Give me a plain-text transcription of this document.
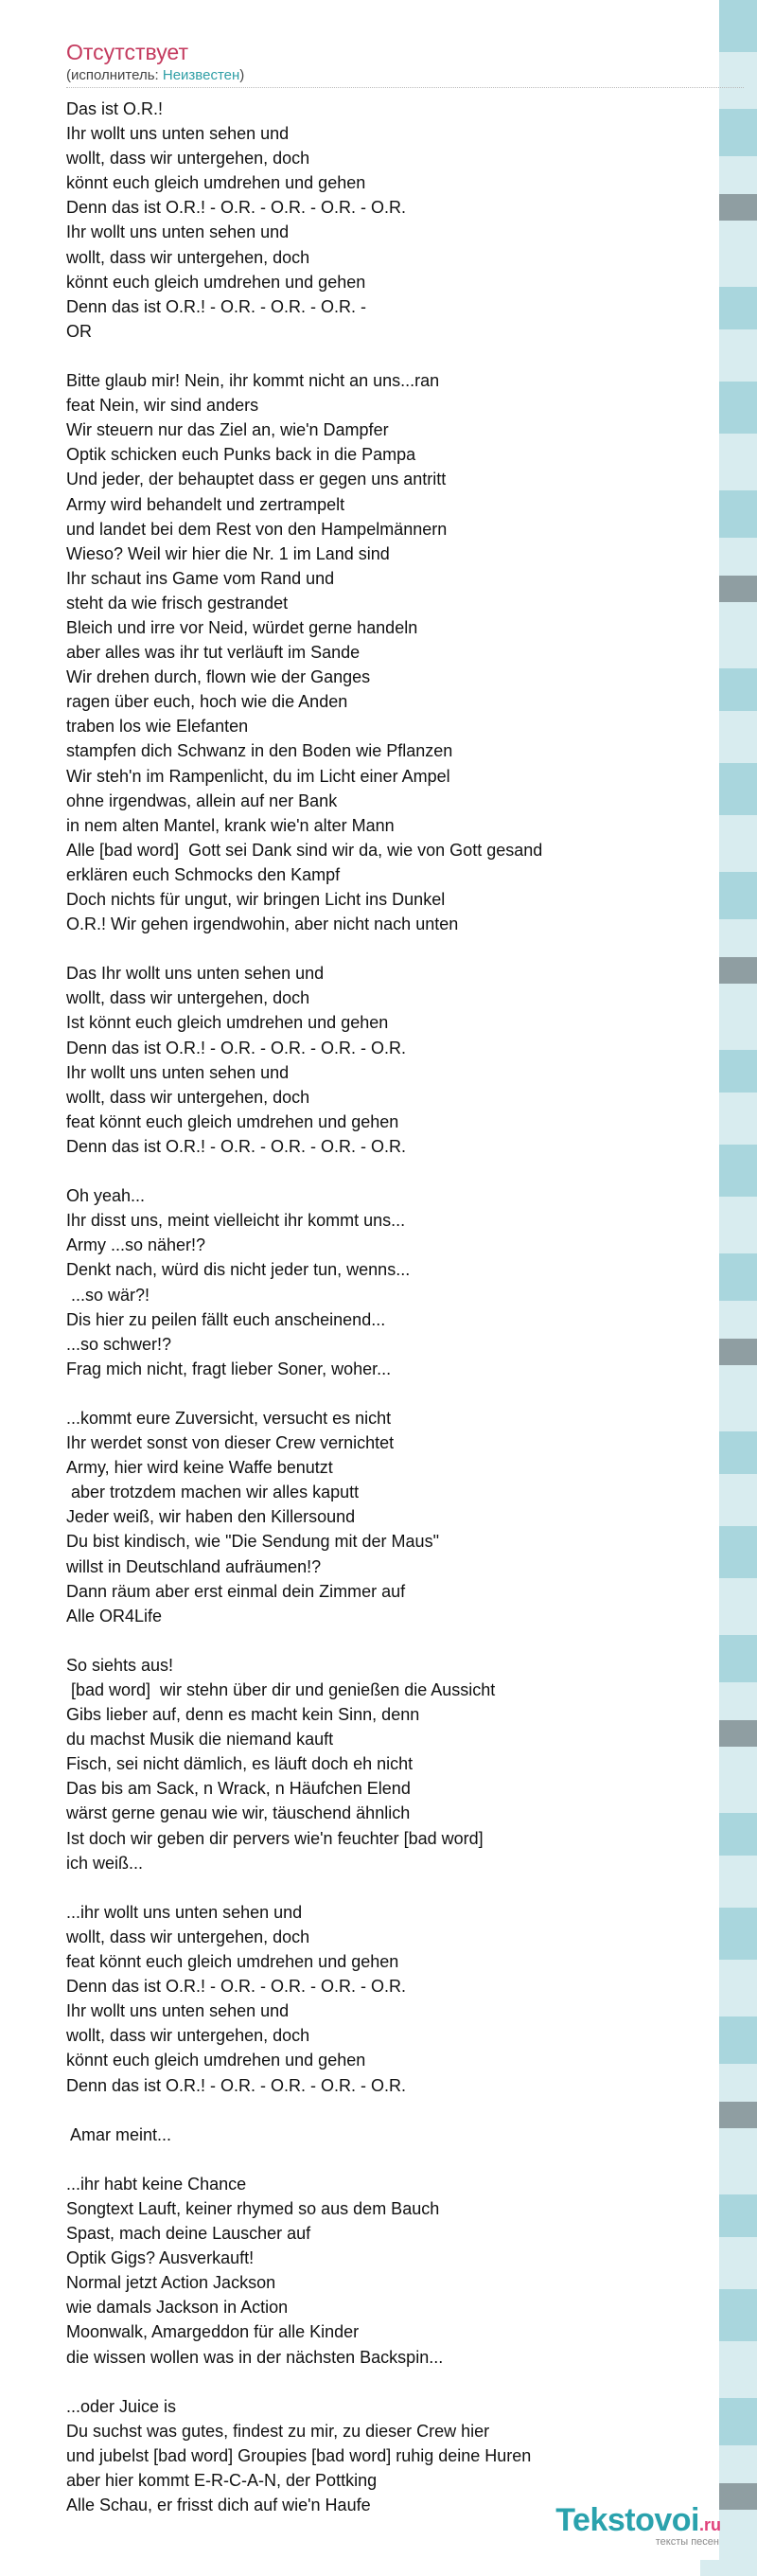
Отсутствует
(исполнитель: Неизвестен)
Das ist O.R.!
Ihr wollt uns unten sehen und
wollt, dass wir untergehen, doch
könnt euch gleich umdrehen und gehen
Denn das ist O.R.! - O.R. - O.R. - O.R. - O.R.
Ihr wollt uns unten sehen und
wollt, dass wir untergehen, doch
könnt euch gleich umdrehen und gehen
Denn das ist O.R.! - O.R. - O.R. - O.R. -
OR
Bitte glaub mir! Nein, ihr kommt nicht an uns...ran
feat Nein, wir sind anders
Wir steuern nur das Ziel an, wie'n Dampfer
Optik schicken euch Punks back in die Pampa
Und jeder, der behauptet dass er gegen uns antritt
Army wird behandelt und zertrampelt
und landet bei dem Rest von den Hampelmännern
Wieso? Weil wir hier die Nr. 1 im Land sind
Ihr schaut ins Game vom Rand und
steht da wie frisch gestrandet
Bleich und irre vor Neid, würdet gerne handeln
aber alles was ihr tut verläuft im Sande
Wir drehen durch, flown wie der Ganges
ragen über euch, hoch wie die Anden
traben los wie Elefanten
stampfen dich Schwanz in den Boden wie Pflanzen
Wir steh'n im Rampenlicht, du im Licht einer Ampel
ohne irgendwas, allein auf ner Bank
in nem alten Mantel, krank wie'n alter Mann
Alle [bad word]  Gott sei Dank sind wir da, wie von Gott gesand
erklären euch Schmocks den Kampf
Doch nichts für ungut, wir bringen Licht ins Dunkel
O.R.! Wir gehen irgendwohin, aber nicht nach unten
Das Ihr wollt uns unten sehen und
wollt, dass wir untergehen, doch
Ist könnt euch gleich umdrehen und gehen
Denn das ist O.R.! - O.R. - O.R. - O.R. - O.R.
Ihr wollt uns unten sehen und
wollt, dass wir untergehen, doch
feat könnt euch gleich umdrehen und gehen
Denn das ist O.R.! - O.R. - O.R. - O.R. - O.R.
Oh yeah...
Ihr disst uns, meint vielleicht ihr kommt uns...
Army ...so näher!?
Denkt nach, würd dis nicht jeder tun, wenns...
...so wär?!
Dis hier zu peilen fällt euch anscheinend...
...so schwer!?
Frag mich nicht, fragt lieber Soner, woher...
...kommt eure Zuversicht, versucht es nicht
Ihr werdet sonst von dieser Crew vernichtet
Army, hier wird keine Waffe benutzt
aber trotzdem machen wir alles kaputt
Jeder weiß, wir haben den Killersound
Du bist kindisch, wie "Die Sendung mit der Maus"
willst in Deutschland aufräumen!?
Dann räum aber erst einmal dein Zimmer auf
Alle OR4Life
So siehts aus!
[bad word]  wir stehn über dir und genießen die Aussicht
Gibs lieber auf, denn es macht kein Sinn, denn
du machst Musik die niemand kauft
Fisch, sei nicht dämlich, es läuft doch eh nicht
Das bis am Sack, n Wrack, n Häufchen Elend
wärst gerne genau wie wir, täuschend ähnlich
Ist doch wir geben dir pervers wie'n feuchter [bad word]
ich weiß...
...ihr wollt uns unten sehen und
wollt, dass wir untergehen, doch
feat könnt euch gleich umdrehen und gehen
Denn das ist O.R.! - O.R. - O.R. - O.R. - O.R.
Ihr wollt uns unten sehen und
wollt, dass wir untergehen, doch
könnt euch gleich umdrehen und gehen
Denn das ist O.R.! - O.R. - O.R. - O.R. - O.R.
Amar meint...
...ihr habt keine Chance
Songtext Lauft, keiner rhymed so aus dem Bauch
Spast, mach deine Lauscher auf
Optik Gigs? Ausverkauft!
Normal jetzt Action Jackson
wie damals Jackson in Action
Moonwalk, Amargeddon für alle Kinder
die wissen wollen was in der nächsten Backspin...
...oder Juice is
Du suchst was gutes, findest zu mir, zu dieser Crew hier
und jubelst [bad word] Groupies [bad word] ruhig deine Huren
aber hier kommt E-R-C-A-N, der Pottking
Alle Schau, er frisst dich auf wie'n Haufe	Tekstovoi.ru
тексты песен
